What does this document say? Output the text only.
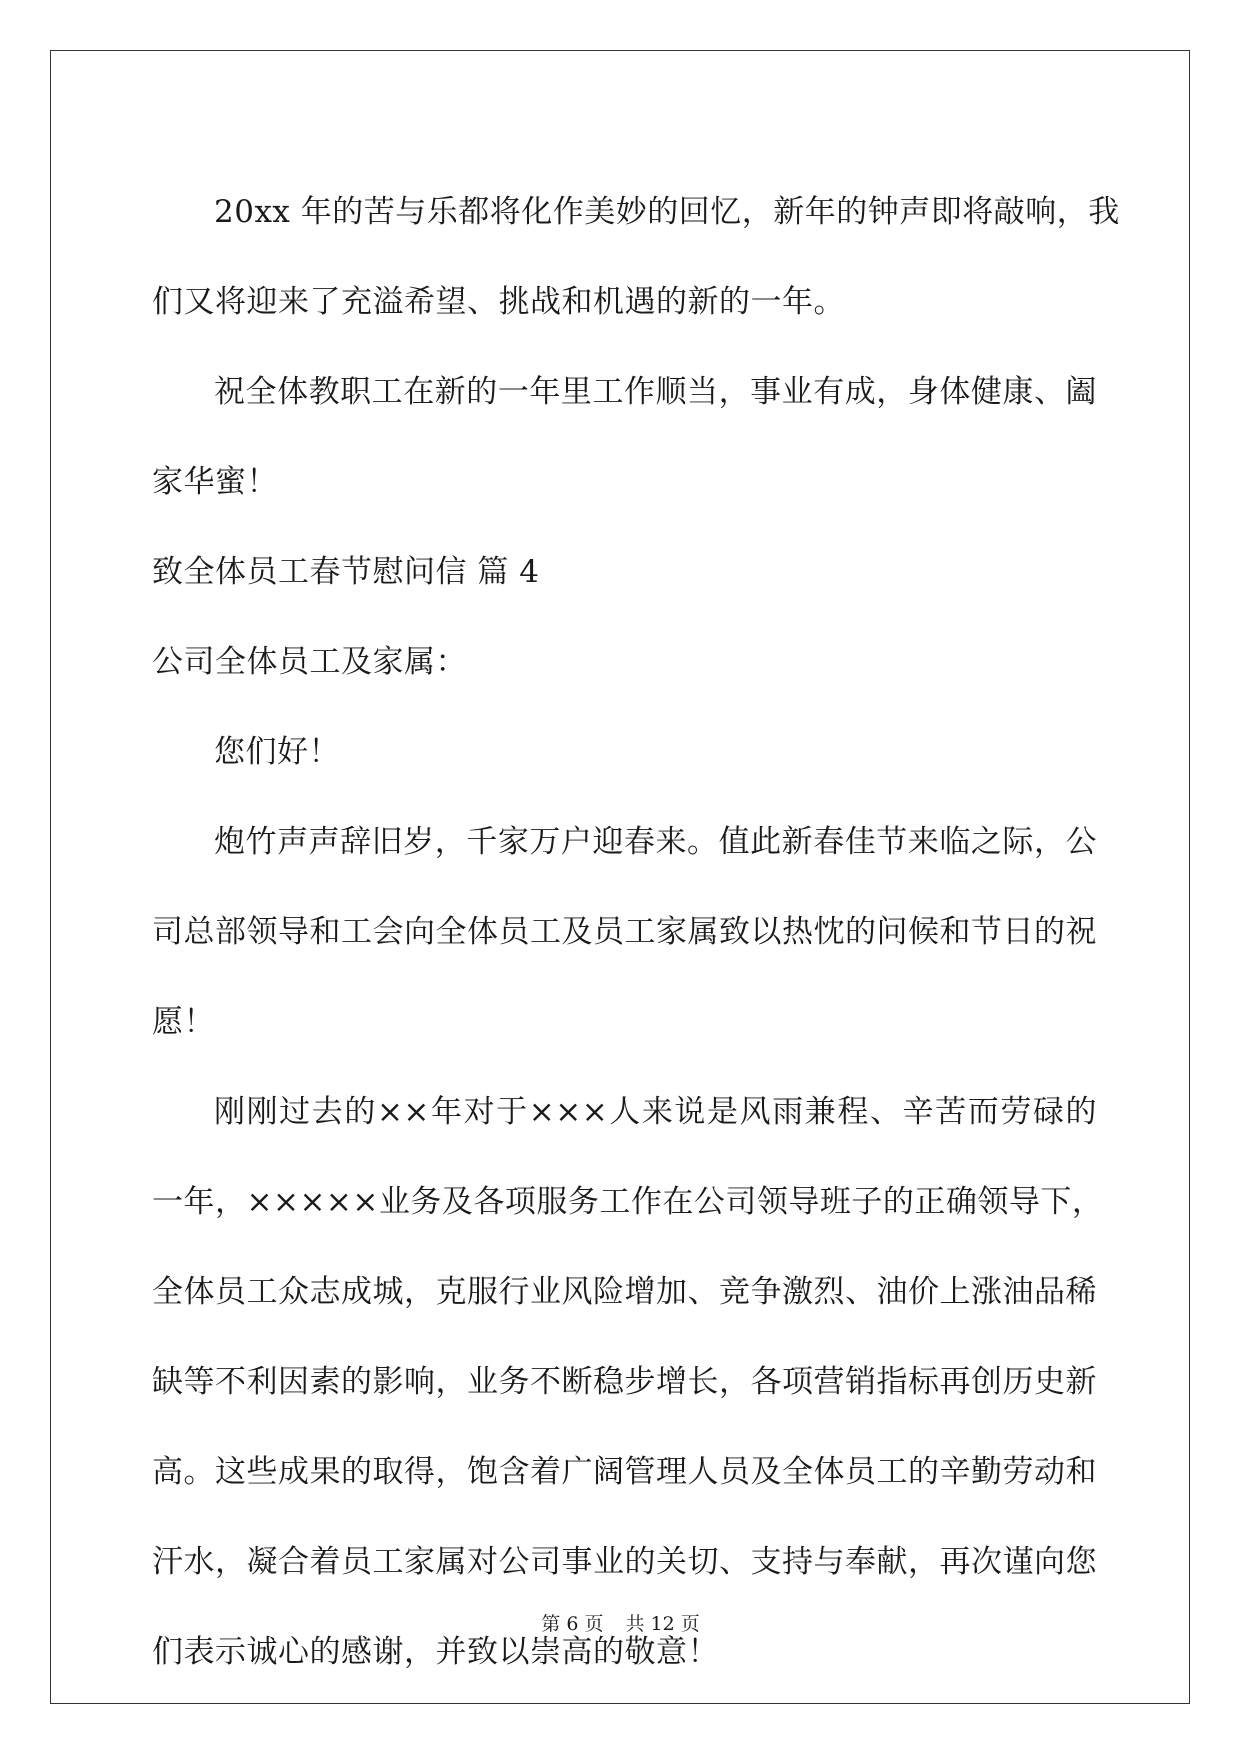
20xx 年的苦与乐都将化作美妙的回忆，新年的钟声即将敲响，我
们又将迎来了充溢希望、挑战和机遇的新的一年。
祝全体教职工在新的一年里工作顺当，事业有成，身体健康、阖
家华蜜！
致全体员工春节慰问信 篇 4
公司全体员工及家属：
您们好！
炮竹声声辞旧岁，千家万户迎春来。值此新春佳节来临之际，公
司总部领导和工会向全体员工及员工家属致以热忱的问候和节日的祝
愿！
刚刚过去的××年对于×××人来说是风雨兼程、辛苦而劳碌的
一年，×××××业务及各项服务工作在公司领导班子的正确领导下，
全体员工众志成城，克服行业风险增加、竞争激烈、油价上涨油品稀
缺等不利因素的影响，业务不断稳步增长，各项营销指标再创历史新
高。这些成果的取得，饱含着广阔管理人员及全体员工的辛勤劳动和
汗水，凝合着员工家属对公司事业的关切、支持与奉献，再次谨向您
们表示诚心的感谢，并致以崇高的敬意！
第 6 页 共 12 页
